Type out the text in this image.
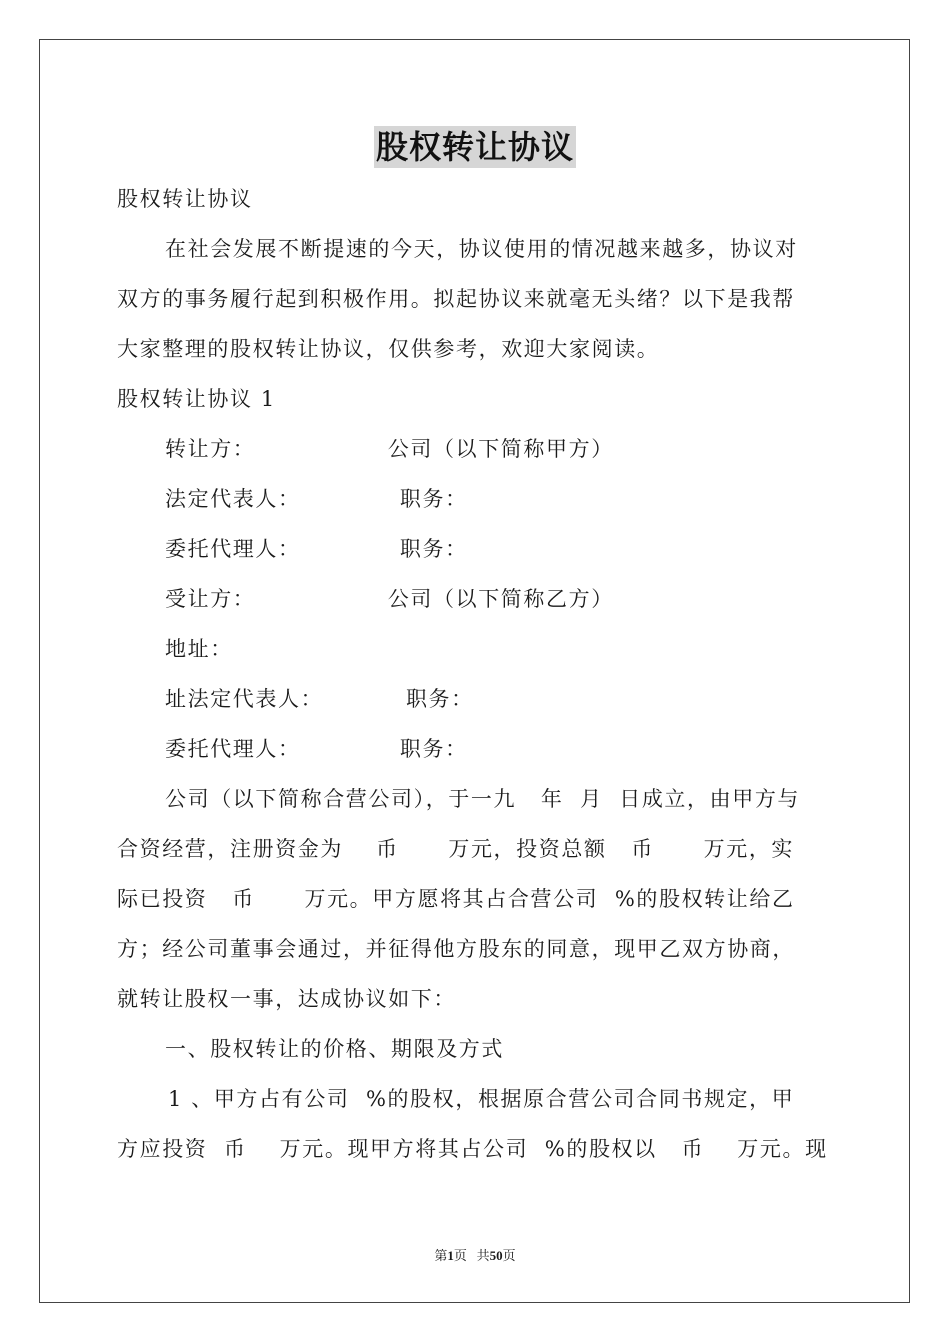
股权转让协议
股权转让协议
在社会发展不断提速的今天，协议使用的情况越来越多，协议对
双方的事务履行起到积极作用。拟起协议来就毫无头绪？以下是我帮
大家整理的股权转让协议，仅供参考，欢迎大家阅读。
股权转让协议 1
转让方：                公司（以下简称甲方）
法定代表人：            职务：
委托代理人：            职务：
受让方：                公司（以下简称乙方）
地址：
址法定代表人：          职务：
委托代理人：            职务：
公司（以下简称合营公司），于一九   年  月  日成立，由甲方与
合资经营，注册资金为    币      万元，投资总额   币      万元，实
际已投资   币      万元。甲方愿将其占合营公司  %的股权转让给乙
方；经公司董事会通过，并征得他方股东的同意，现甲乙双方协商，
就转让股权一事，达成协议如下：
一、股权转让的价格、期限及方式
1 、甲方占有公司  %的股权，根据原合营公司合同书规定，甲
方应投资  币    万元。现甲方将其占公司  %的股权以   币    万元。现
第1页 共50页
